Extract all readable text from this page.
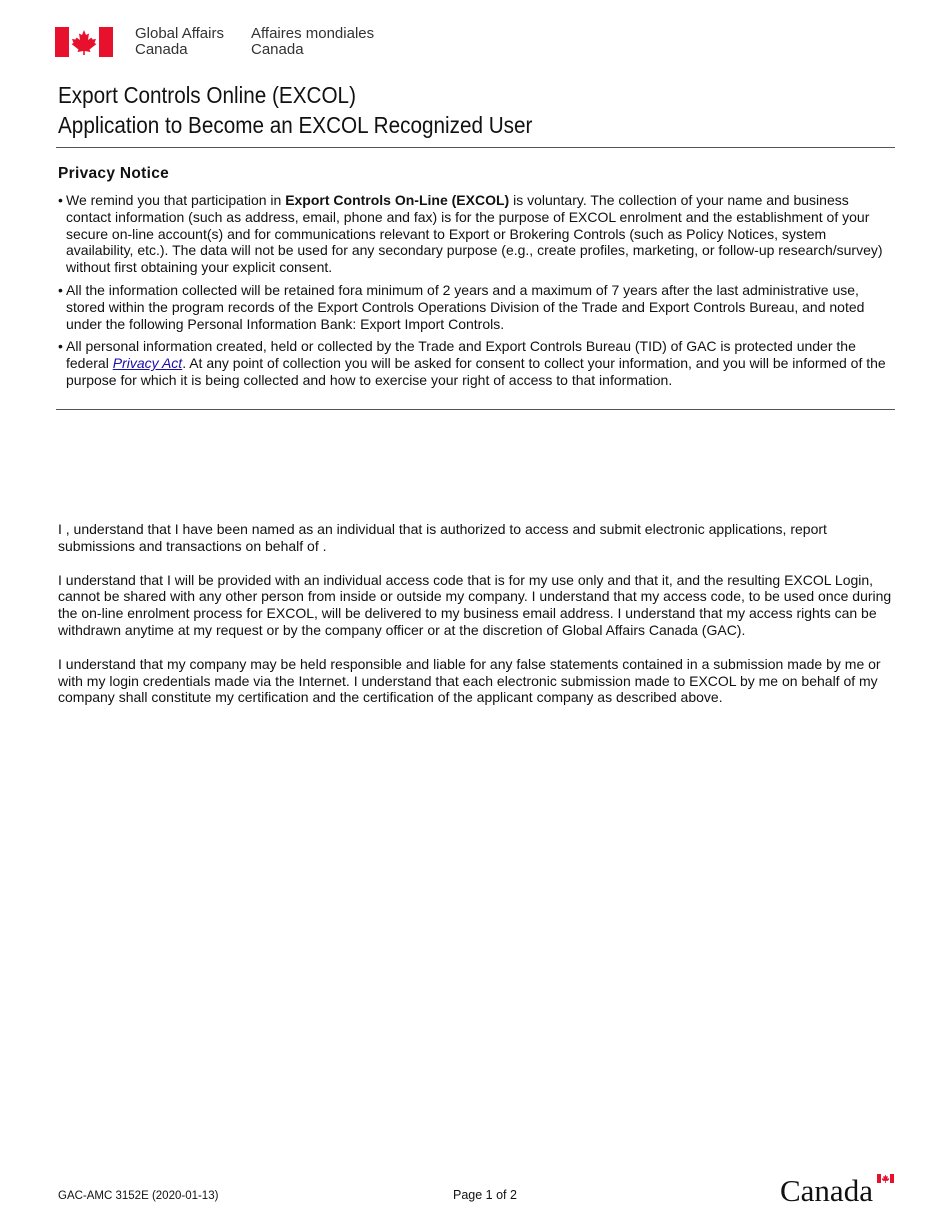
Global Affairs
Canada
Affaires mondiales
Canada
Export Controls Online (EXCOL)
Application to Become an EXCOL Recognized User
Privacy Notice
• We remind you that participation in Export Controls On-Line (EXCOL) is voluntary. The collection of your name and business contact information (such as address, email, phone and fax) is for the purpose of EXCOL enrolment and the establishment of your secure on-line account(s) and for communications relevant to Export or Brokering Controls (such as Policy Notices, system availability, etc.). The data will not be used for any secondary purpose (e.g., create profiles, marketing, or follow-up research/survey) without first obtaining your explicit consent.
• All the information collected will be retained fora minimum of 2 years and a maximum of 7 years after the last administrative use, stored within the program records of the Export Controls Operations Division of the Trade and Export Controls Bureau, and noted under the following Personal Information Bank: Export Import Controls.
• All personal information created, held or collected by the Trade and Export Controls Bureau (TID) of GAC is protected under the federal Privacy Act. At any point of collection you will be asked for consent to collect your information, and you will be informed of the purpose for which it is being collected and how to exercise your right of access to that information.

I , understand that I have been named as an individual that is authorized to access and submit electronic applications, report submissions and transactions on behalf of .

I understand that I will be provided with an individual access code that is for my use only and that it, and the resulting EXCOL Login, cannot be shared with any other person from inside or outside my company. I understand that my access code, to be used once during the on-line enrolment process for EXCOL, will be delivered to my business email address. I understand that my access rights can be withdrawn anytime at my request or by the company officer or at the discretion of Global Affairs Canada (GAC).

I understand that my company may be held responsible and liable for any false statements contained in a submission made by me or with my login credentials made via the Internet. I understand that each electronic submission made to EXCOL by me on behalf of my company shall constitute my certification and the certification of the applicant company as described above.

GAC-AMC 3152E (2020-01-13)	Page 1 of 2	Canada
